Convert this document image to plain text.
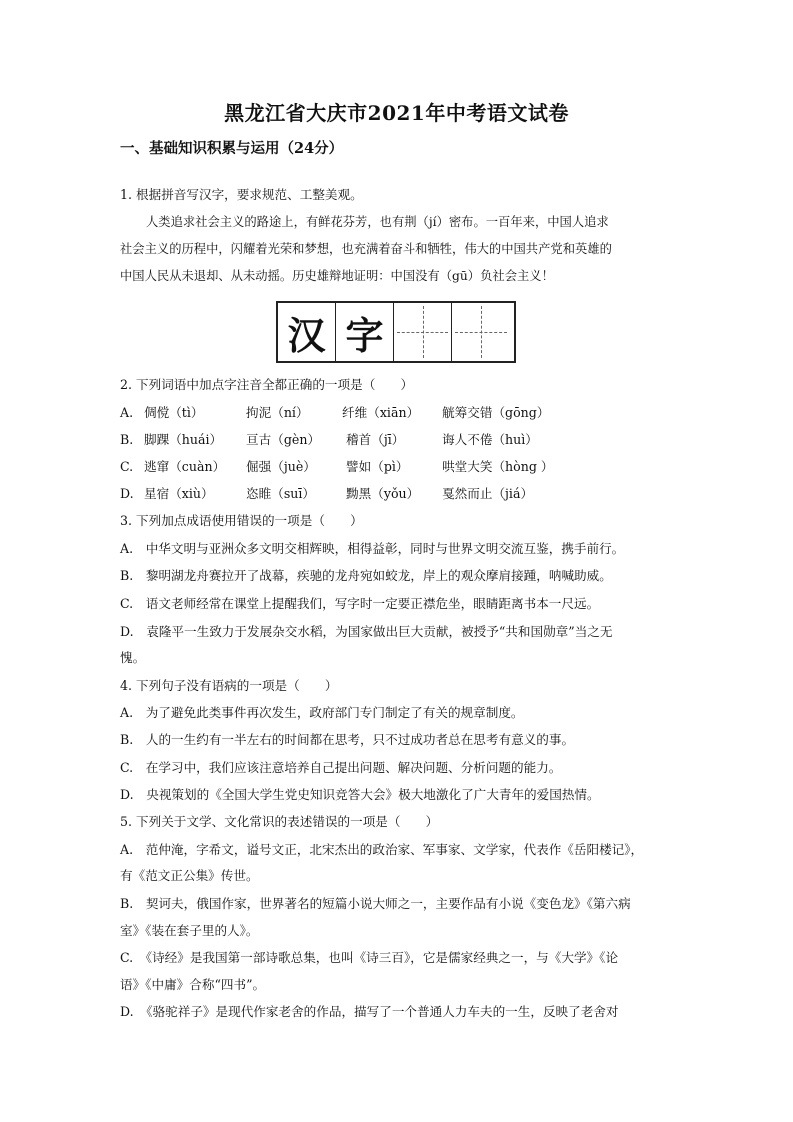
黑龙江省大庆市2021年中考语文试卷
一、基础知识积累与运用（24分）
1. 根据拼音写汉字，要求规范、工整美观。
人类追求社会主义的路途上，有鲜花芬芳，也有荆（jí）密布。一百年来，中国人追求
社会主义的历程中，闪耀着光荣和梦想，也充满着奋斗和牺牲，伟大的中国共产党和英雄的
中国人民从未退却、从未动摇。历史雄辩地证明：中国没有（gū）负社会主义！
汉 字
2. 下列词语中加点字注音全都正确的一项是（　　）
A. 倜傥（tì）	拘泥（ní）	纤维（xiān） 觥筹交错（gōng）
B. 脚踝（huái） 亘古（gèn） 稽首（jī）	诲人不倦（huì）
C. 逃窜（cuàn） 倔强（juè） 譬如（pì）	哄堂大笑（hòng ）
D. 星宿（xiù）	恣睢（suī） 黝黑（yǒu） 戛然而止（jiá）
3. 下列加点成语使用错误的一项是（　　）
A.　中华文明与亚洲众多文明交相辉映，相得益彰，同时与世界文明交流互鉴，携手前行。
B.　黎明湖龙舟赛拉开了战幕，疾驰的龙舟宛如蛟龙，岸上的观众摩肩接踵，呐喊助威。
C.　语文老师经常在课堂上提醒我们，写字时一定要正襟危坐，眼睛距离书本一尺远。
D.　袁隆平一生致力于发展杂交水稻，为国家做出巨大贡献，被授予“共和国勋章”当之无
愧。
4. 下列句子没有语病的一项是（　　）
A.　为了避免此类事件再次发生，政府部门专门制定了有关的规章制度。
B.　人的一生约有一半左右的时间都在思考，只不过成功者总在思考有意义的事。
C.　在学习中，我们应该注意培养自己提出问题、解决问题、分析问题的能力。
D.　央视策划的《全国大学生党史知识竞答大会》极大地激化了广大青年的爱国热情。
5. 下列关于文学、文化常识的表述错误的一项是（　　）
A.　范仲淹，字希文，谥号文正，北宋杰出的政治家、军事家、文学家，代表作《岳阳楼记》，
有《范文正公集》传世。
B.　契诃夫，俄国作家，世界著名的短篇小说大师之一，主要作品有小说《变色龙》《第六病
室》《装在套子里的人》。
C.　《诗经》是我国第一部诗歌总集，也叫《诗三百》，它是儒家经典之一，与《大学》《论
语》《中庸》合称“四书”。
D.　《骆驼祥子》是现代作家老舍的作品，描写了一个普通人力车夫的一生，反映了老舍对
